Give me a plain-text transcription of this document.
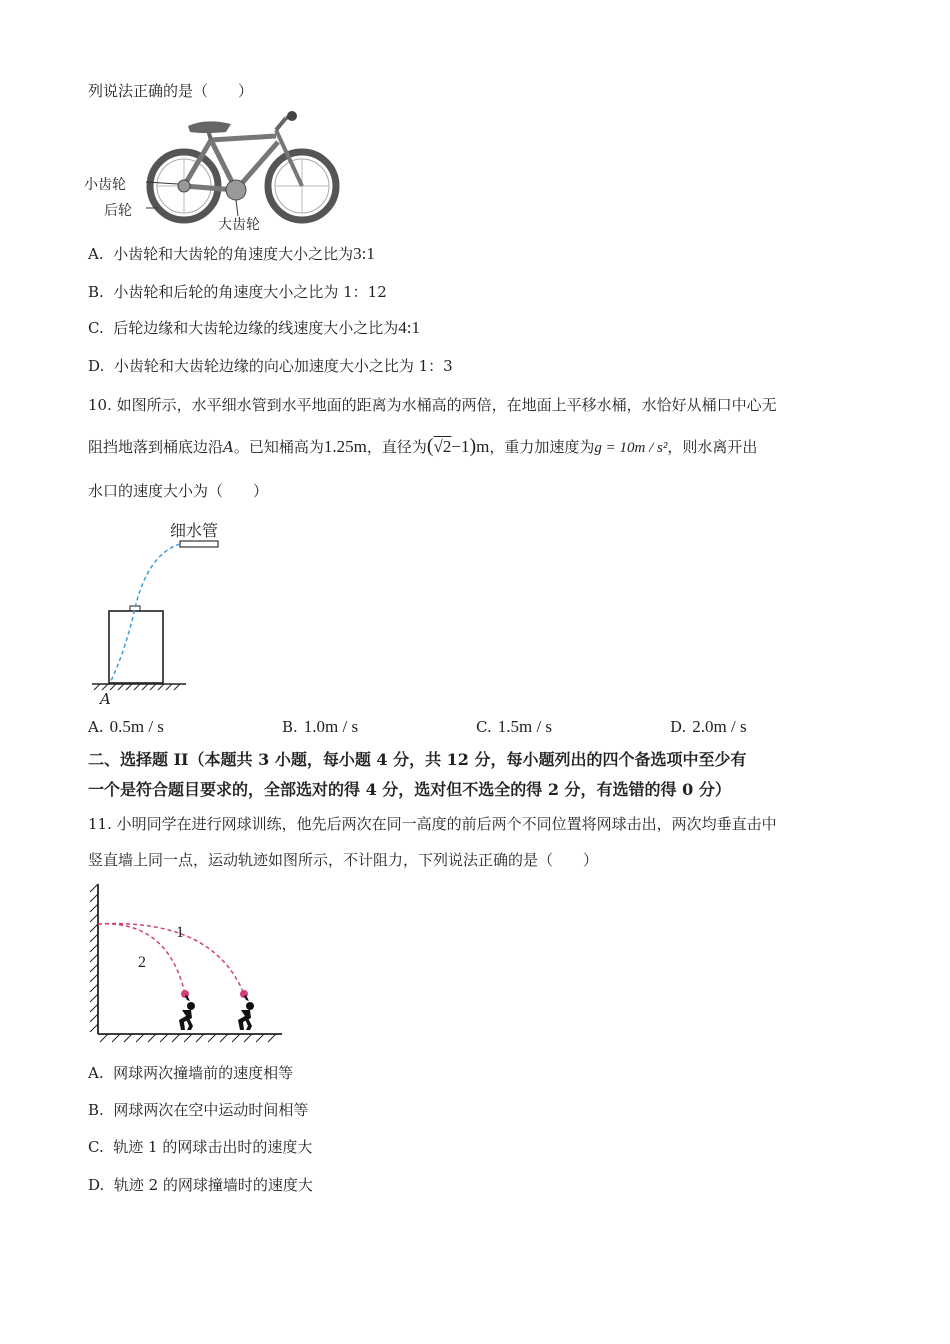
列说法正确的是（　　）
小齿轮
后轮
大齿轮
A. 小齿轮和大齿轮的角速度大小之比为3:1
B. 小齿轮和后轮的角速度大小之比为 1：12
C. 后轮边缘和大齿轮边缘的线速度大小之比为4:1
D. 小齿轮和大齿轮边缘的向心加速度大小之比为 1：3
10. 如图所示，水平细水管到水平地面的距离为水桶高的两倍，在地面上平移水桶，水恰好从桶口中心无
阻挡地落到桶底边沿A。已知桶高为1.25m，直径为(√2−1)m，重力加速度为g = 10m / s²，则水离开出
水口的速度大小为（　　）
细水管
A
A. 0.5m / s	B. 1.0m / s	C. 1.5m / s	D. 2.0m / s
二、选择题 II（本题共 3 小题，每小题 4 分，共 12 分，每小题列出的四个备选项中至少有
一个是符合题目要求的，全部选对的得 4 分，选对但不选全的得 2 分，有选错的得 0 分）
11. 小明同学在进行网球训练，他先后两次在同一高度的前后两个不同位置将网球击出，两次均垂直击中
竖直墙上同一点，运动轨迹如图所示，不计阻力，下列说法正确的是（　　）
1
2
A. 网球两次撞墙前的速度相等
B. 网球两次在空中运动时间相等
C. 轨迹 1 的网球击出时的速度大
D. 轨迹 2 的网球撞墙时的速度大
